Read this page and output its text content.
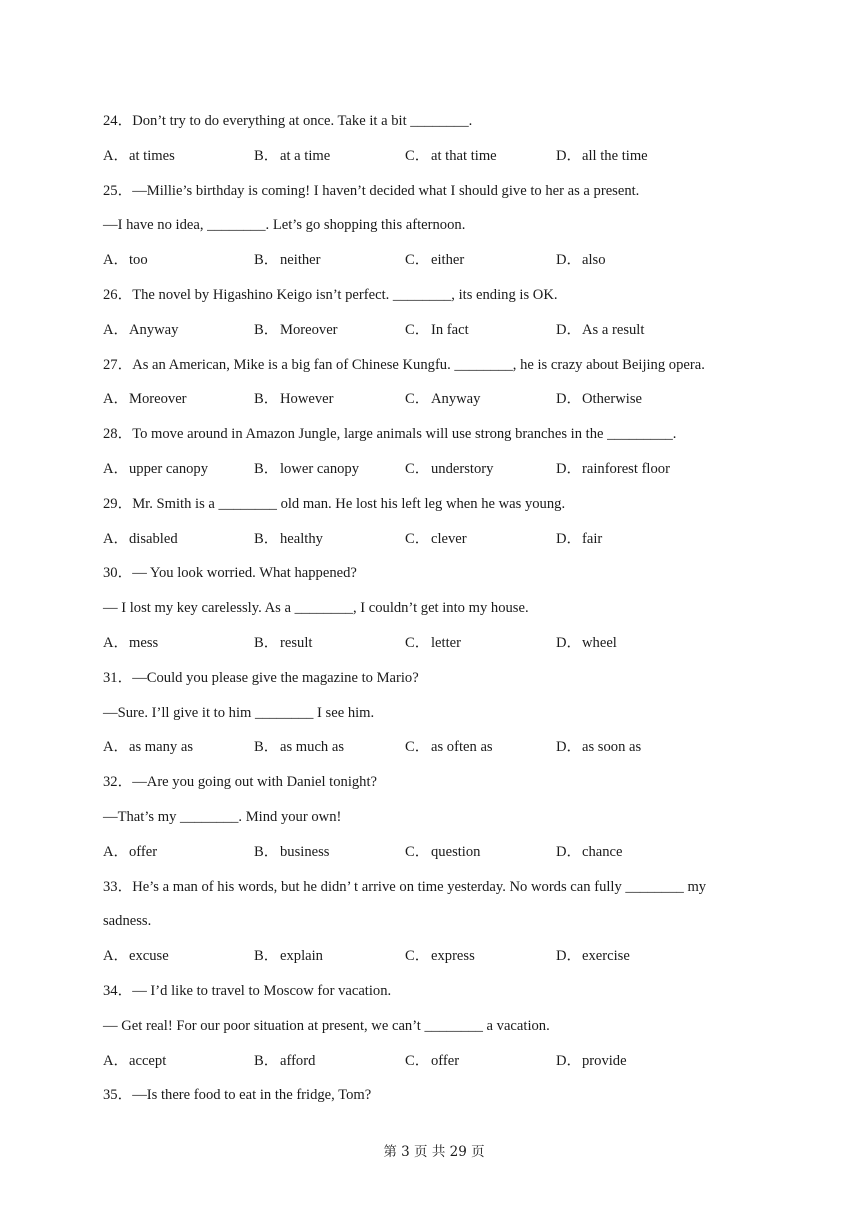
24．Don’t try to do everything at once. Take it a bit ________.
A．at times	B． at a time	C． at that time	D．all the time
25．—Millie’s birthday is coming! I haven’t decided what I should give to her as a present.
—I have no idea, ________. Let’s go shopping this afternoon.
A．too	B． neither	C． either	D．also
26．The novel by Higashino Keigo isn’t perfect. ________, its ending is OK.
A．Anyway	B． Moreover	C． In fact	D．As a result
27．As an American, Mike is a big fan of Chinese Kungfu. ________, he is crazy about Beijing opera.
A．Moreover	B． However	C． Anyway	D．Otherwise
28．To move around in Amazon Jungle, large animals will use strong branches in the _________.
A．upper canopy	B． lower canopy	C． understory	D．rainforest floor
29．Mr. Smith is a ________ old man. He lost his left leg when he was young.
A．disabled	B． healthy	C． clever	D．fair
30．— You look worried. What happened?
— I lost my key carelessly. As a ________, I couldn’t get into my house.
A．mess	B． result	C． letter	D．wheel
31．—Could you please give the magazine to Mario?
—Sure. I’ll give it to him ________ I see him.
A．as many as	B． as much as	C． as often as	D．as soon as
32．—Are you going out with Daniel tonight?
—That’s my ________. Mind your own!
A．offer	B． business	C． question	D．chance
33．He’s a man of his words, but he didn’ t arrive on time yesterday. No words can fully ________ my
sadness.
A．excuse	B． explain	C． express	D．exercise
34．— I’d like to travel to Moscow for vacation.
— Get real! For our poor situation at present, we can’t ________ a vacation.
A．accept	B． afford	C． offer	D．provide
35．—Is there food to eat in the fridge, Tom?
第 3 页 共 29 页
